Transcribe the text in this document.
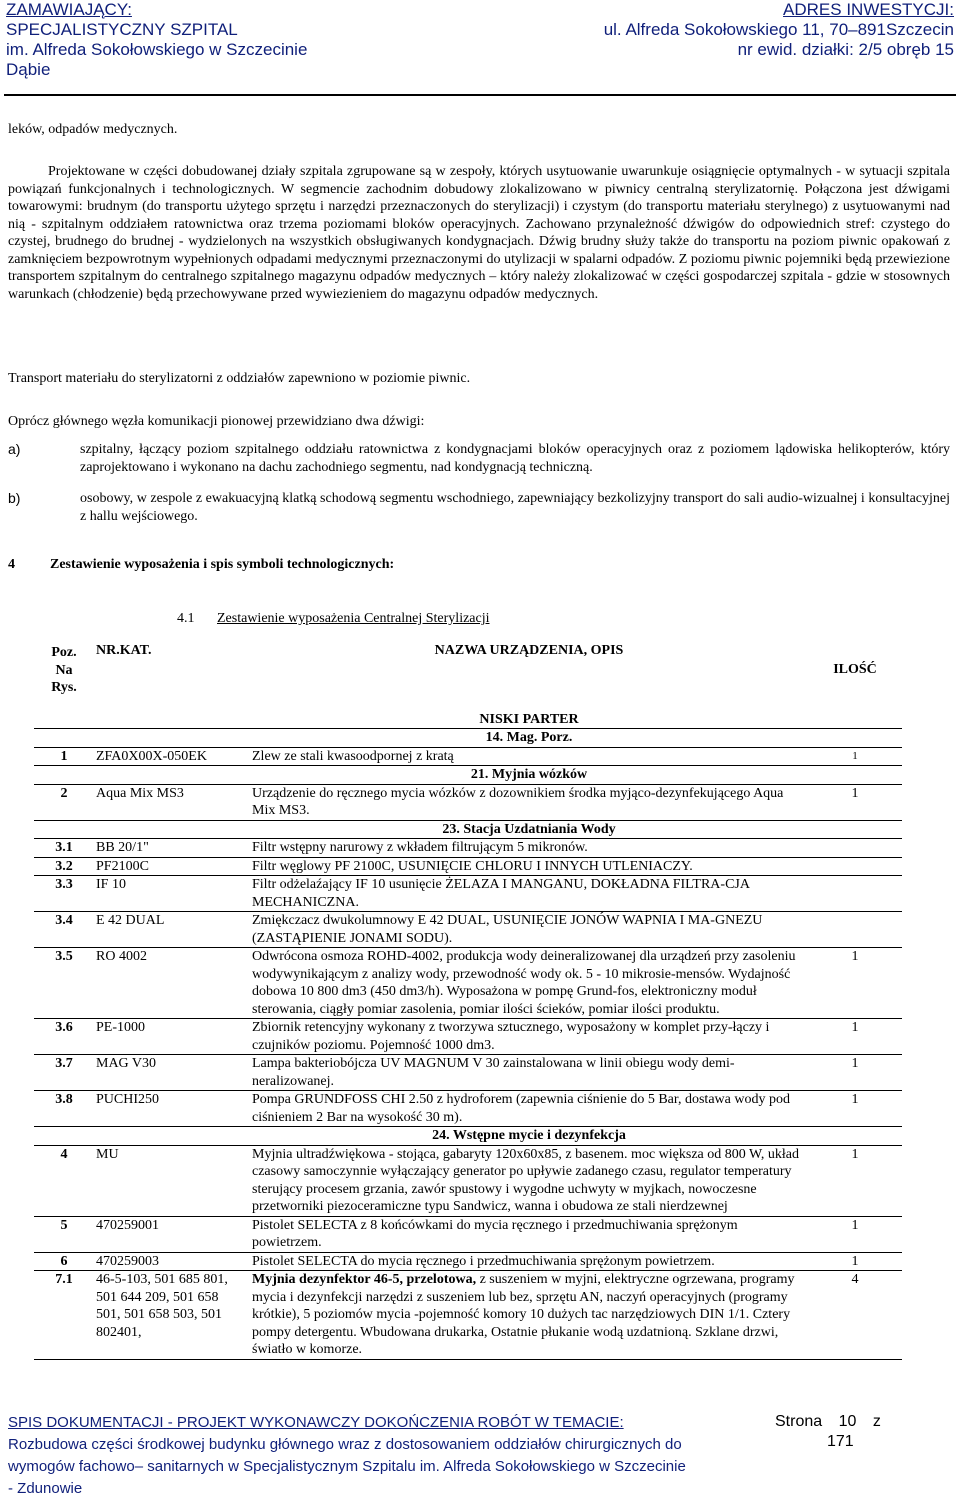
ZAMAWIAJĄCY:
SPECJALISTYCZNY SZPITAL
im. Alfreda Sokołowskiego w Szczecinie
Dąbie
ADRES INWESTYCJI:
ul. Alfreda Sokołowskiego 11, 70–891Szczecin
nr ewid. działki: 2/5 obręb 15
leków, odpadów medycznych.
Projektowane w części dobudowanej działy szpitala zgrupowane są w zespoły, których usytuowanie uwarunkuje osiągnięcie optymalnych - w sytuacji szpitala powiązań funkcjonalnych i technologicznych. W segmencie zachodnim dobudowy zlokalizowano w piwnicy centralną sterylizatornię. Połączona jest dźwigami towarowymi: brudnym (do transportu użytego sprzętu i narzędzi przeznaczonych do sterylizacji) i czystym (do transportu materiału sterylnego) z usytuowanymi nad nią - szpitalnym oddziałem ratownictwa oraz trzema poziomami bloków operacyjnych. Zachowano przynależność dźwigów do odpowiednich stref: czystego do czystej, brudnego do brudnej - wydzielonych na wszystkich obsługiwanych kondygnacjach. Dźwig brudny służy także do transportu na poziom piwnic opakowań z zamknięciem bezpowrotnym wypełnionych odpadami medycznymi przeznaczonymi do utylizacji w spalarni odpadów. Z poziomu piwnic pojemniki będą przewiezione transportem szpitalnym do centralnego szpitalnego magazynu odpadów medycznych – który należy zlokalizować w części gospodarczej szpitala - gdzie w stosownych warunkach (chłodzenie) będą przechowywane przed wywiezieniem do magazynu odpadów medycznych.
Transport materiału do sterylizatorni z oddziałów zapewniono w poziomie piwnic.
Oprócz głównego węzła komunikacji pionowej przewidziano dwa dźwigi:
a)	szpitalny, łączący poziom szpitalnego oddziału ratownictwa z kondygnacjami bloków operacyjnych oraz z poziomem lądowiska helikopterów, który zaprojektowano i wykonano na dachu zachodniego segmentu, nad kondygnacją techniczną.
b)	osobowy, w zespole z ewakuacyjną klatką schodową segmentu wschodniego, zapewniający bezkolizyjny transport do sali audio-wizualnej i konsultacyjnej z hallu wejściowego.
4	Zestawienie wyposażenia i spis symboli technologicznych:
4.1 Zestawienie wyposażenia Centralnej Sterylizacji
Poz. Na Rys.	NR.KAT.	NAZWA URZĄDZENIA, OPIS	ILOŚĆ
		NISKI PARTER	
		14. Mag. Porz.	
1	ZFA0X00X-050EK	Zlew ze stali kwasoodpornej z kratą	1
		21. Myjnia wózków	
2	Aqua Mix MS3	Urządzenie do ręcznego mycia wózków z dozownikiem środka myjąco-dezynfekującego Aqua Mix MS3.	1
		23. Stacja Uzdatniania Wody	
3.1	BB 20/1"	Filtr wstępny narurowy z wkładem filtrującym 5 mikronów.	
3.2	PF2100C	Filtr węglowy PF 2100C, USUNIĘCIE CHLORU I INNYCH UTLENIACZY.	
3.3	IF 10	Filtr odżelaźający IF 10 usunięcie ŻELAZA I MANGANU, DOKŁADNA FILTRA-CJA MECHANICZNA.	
3.4	E 42 DUAL	Zmiękczacz dwukolumnowy E 42 DUAL, USUNIĘCIE JONÓW WAPNIA I MA-GNEZU (ZASTĄPIENIE JONAMI SODU).	
3.5	RO 4002	Odwrócona osmoza ROHD-4002, produkcja wody deineralizowanej dla urządzeń przy zasoleniu wodywynikającym z analizy wody, przewodność wody ok. 5 - 10 mikrosie-mensów. Wydajność dobowa 10 800 dm3 (450 dm3/h). Wyposażona w pompę Grund-fos, elektroniczny moduł sterowania, ciągły pomiar zasolenia, pomiar ilości ścieków, pomiar ilości produktu.	1
3.6	PE-1000	Zbiornik retencyjny wykonany z tworzywa sztucznego, wyposażony w komplet przy-łączy i czujników poziomu. Pojemność 1000 dm3.	1
3.7	MAG V30	Lampa bakteriobójcza UV MAGNUM V 30 zainstalowana w linii obiegu wody demi-neralizowanej.	1
3.8	PUCHI250	Pompa GRUNDFOSS CHI 2.50 z hydroforem (zapewnia ciśnienie do 5 Bar, dostawa wody pod ciśnieniem 2 Bar na wysokość 30 m).	1
		24. Wstępne mycie i dezynfekcja	
4	MU	Myjnia ultradźwiękowa - stojąca, gabaryty 120x60x85, z basenem. moc większa od 800 W, układ czasowy samoczynnie wyłączający generator po upływie zadanego czasu, regulator temperatury sterujący procesem grzania, zawór spustowy i wygodne uchwyty w myjkach, nowoczesne przetworniki piezoceramiczne typu Sandwicz, wanna i obudowa ze stali nierdzewnej	1
5	470259001	Pistolet SELECTA z 8 końcówkami do mycia ręcznego i przedmuchiwania sprężonym powietrzem.	1
6	470259003	Pistolet SELECTA do mycia ręcznego i przedmuchiwania sprężonym powietrzem.	1
7.1	46-5-103, 501 685 801, 501 644 209, 501 658 501, 501 658 503, 501 802401,	Myjnia dezynfektor 46-5, przelotowa, z suszeniem w myjni, elektryczne ogrzewana, programy mycia i dezynfekcji narzędzi z suszeniem lub bez, sprzętu AN, naczyń operacyjnych (programy krótkie), 5 poziomów mycia -pojemność komory 10 dużych tac narzędziowych DIN 1/1. Cztery pompy detergentu. Wbudowana drukarka, Ostatnie płukanie wodą uzdatnioną. Szklane drzwi, światło w komorze.	4
SPIS DOKUMENTACJI - PROJEKT WYKONAWCZY DOKOŃCZENIA ROBÓT W TEMACIE:
Rozbudowa części środkowej budynku głównego wraz z dostosowaniem oddziałów chirurgicznych do
wymogów fachowo– sanitarnych w Specjalistycznym Szpitalu im. Alfreda Sokołowskiego w Szczecinie
- Zdunowie
Strona 10 z
171
